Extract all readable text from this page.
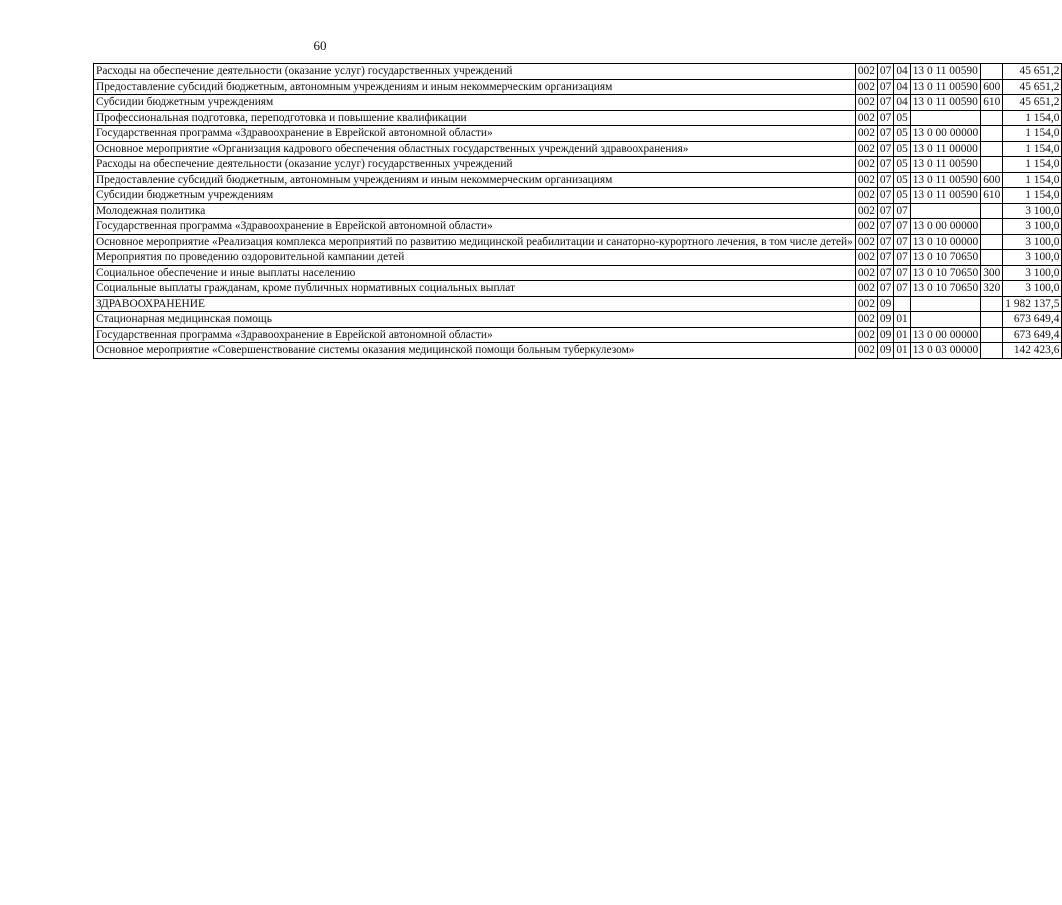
60
Расходы на обеспечение деятельности (оказание услуг) государственных учреждений	002	07	04	13 0 11 00590		45 651,2
Предоставление субсидий бюджетным, автономным учреждениям и иным некоммерческим организациям	002	07	04	13 0 11 00590	600	45 651,2
Субсидии бюджетным учреждениям	002	07	04	13 0 11 00590	610	45 651,2
Профессиональная подготовка, переподготовка и повышение квалификации	002	07	05			1 154,0
Государственная программа «Здравоохранение в Еврейской автономной области»	002	07	05	13 0 00 00000		1 154,0
Основное мероприятие «Организация кадрового обеспечения областных государственных учреждений здравоохранения»	002	07	05	13 0 11 00000		1 154,0
Расходы на обеспечение деятельности (оказание услуг) государственных учреждений	002	07	05	13 0 11 00590		1 154,0
Предоставление субсидий бюджетным, автономным учреждениям и иным некоммерческим организациям	002	07	05	13 0 11 00590	600	1 154,0
Субсидии бюджетным учреждениям	002	07	05	13 0 11 00590	610	1 154,0
Молодежная политика	002	07	07			3 100,0
Государственная программа «Здравоохранение в Еврейской автономной области»	002	07	07	13 0 00 00000		3 100,0
Основное мероприятие «Реализация комплекса мероприятий по развитию медицинской реабилитации и санаторно-курортного лечения, в том числе детей»	002	07	07	13 0 10 00000		3 100,0
Мероприятия по проведению оздоровительной кампании детей	002	07	07	13 0 10 70650		3 100,0
Социальное обеспечение и иные выплаты населению	002	07	07	13 0 10 70650	300	3 100,0
Социальные выплаты гражданам, кроме публичных нормативных социальных выплат	002	07	07	13 0 10 70650	320	3 100,0
ЗДРАВООХРАНЕНИЕ	002	09				1 982 137,5
Стационарная медицинская помощь	002	09	01			673 649,4
Государственная программа «Здравоохранение в Еврейской автономной области»	002	09	01	13 0 00 00000		673 649,4
Основное мероприятие «Совершенствование системы оказания медицинской помощи больным туберкулезом»	002	09	01	13 0 03 00000		142 423,6
